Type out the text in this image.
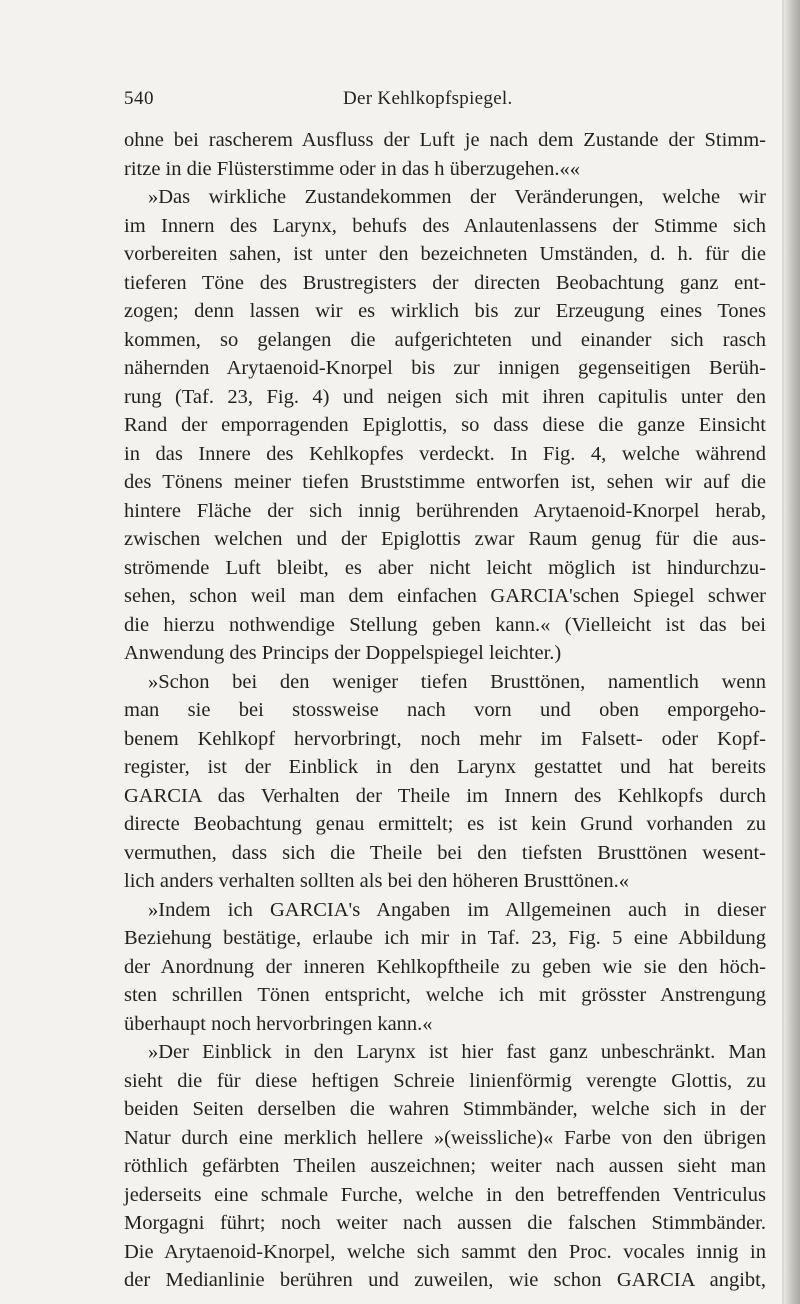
540	Der Kehlkopfspiegel.
ohne bei rascherem Ausfluss der Luft je nach dem Zustande der Stimm-
ritze in die Flüsterstimme oder in das h überzugehen.««
»Das wirkliche Zustandekommen der Veränderungen, welche wir
im Innern des Larynx, behufs des Anlautenlassens der Stimme sich
vorbereiten sahen, ist unter den bezeichneten Umständen, d. h. für die
tieferen Töne des Brustregisters der directen Beobachtung ganz ent-
zogen; denn lassen wir es wirklich bis zur Erzeugung eines Tones
kommen, so gelangen die aufgerichteten und einander sich rasch
nähernden Arytaenoid-Knorpel bis zur innigen gegenseitigen Berüh-
rung (Taf. 23, Fig. 4) und neigen sich mit ihren capitulis unter den
Rand der emporragenden Epiglottis, so dass diese die ganze Einsicht
in das Innere des Kehlkopfes verdeckt. In Fig. 4, welche während
des Tönens meiner tiefen Bruststimme entworfen ist, sehen wir auf die
hintere Fläche der sich innig berührenden Arytaenoid-Knorpel herab,
zwischen welchen und der Epiglottis zwar Raum genug für die aus-
strömende Luft bleibt, es aber nicht leicht möglich ist hindurchzu-
sehen, schon weil man dem einfachen GARCIA'schen Spiegel schwer
die hierzu nothwendige Stellung geben kann.« (Vielleicht ist das bei
Anwendung des Princips der Doppelspiegel leichter.)
»Schon bei den weniger tiefen Brusttönen, namentlich wenn
man sie bei stossweise nach vorn und oben emporgeho-
benem Kehlkopf hervorbringt, noch mehr im Falsett- oder Kopf-
register, ist der Einblick in den Larynx gestattet und hat bereits
GARCIA das Verhalten der Theile im Innern des Kehlkopfs durch
directe Beobachtung genau ermittelt; es ist kein Grund vorhanden zu
vermuthen, dass sich die Theile bei den tiefsten Brusttönen wesent-
lich anders verhalten sollten als bei den höheren Brusttönen.«
»Indem ich GARCIA's Angaben im Allgemeinen auch in dieser
Beziehung bestätige, erlaube ich mir in Taf. 23, Fig. 5 eine Abbildung
der Anordnung der inneren Kehlkopftheile zu geben wie sie den höch-
sten schrillen Tönen entspricht, welche ich mit grösster Anstrengung
überhaupt noch hervorbringen kann.«
»Der Einblick in den Larynx ist hier fast ganz unbeschränkt. Man
sieht die für diese heftigen Schreie linienförmig verengte Glottis, zu
beiden Seiten derselben die wahren Stimmbänder, welche sich in der
Natur durch eine merklich hellere »(weissliche)« Farbe von den übrigen
röthlich gefärbten Theilen auszeichnen; weiter nach aussen sieht man
jederseits eine schmale Furche, welche in den betreffenden Ventriculus
Morgagni führt; noch weiter nach aussen die falschen Stimmbänder.
Die Arytaenoid-Knorpel, welche sich sammt den Proc. vocales innig in
der Medianlinie berühren und zuweilen, wie schon GARCIA angibt,
